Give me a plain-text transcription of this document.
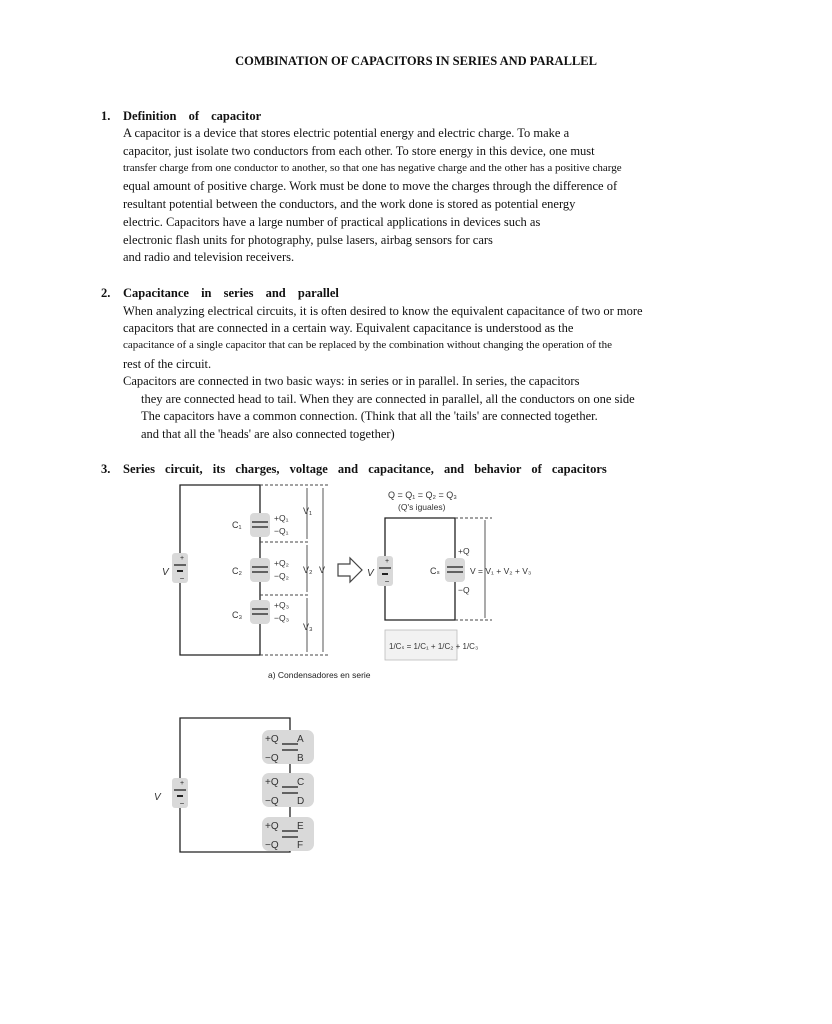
COMBINATION OF CAPACITORS IN SERIES AND PARALLEL
1. Definition of capacitor
A capacitor is a device that stores electric potential energy and electric charge. To make a
capacitor, just isolate two conductors from each other. To store energy in this device, one must
transfer charge from one conductor to another, so that one has negative charge and the other has a positive charge
equal amount of positive charge. Work must be done to move the charges through the difference of
resultant potential between the conductors, and the work done is stored as potential energy
electric. Capacitors have a large number of practical applications in devices such as
electronic flash units for photography, pulse lasers, airbag sensors for cars
and radio and television receivers.
2. Capacitance in series and parallel
When analyzing electrical circuits, it is often desired to know the equivalent capacitance of two or more
capacitors that are connected in a certain way. Equivalent capacitance is understood as the
capacitance of a single capacitor that can be replaced by the combination without changing the operation of the
rest of the circuit.
Capacitors are connected in two basic ways: in series or in parallel. In series, the capacitors
they are connected head to tail. When they are connected in parallel, all the conductors on one side
The capacitors have a common connection. (Think that all the 'tails' are connected together.
and that all the 'heads' are also connected together)
3. Series circuit, its charges, voltage and capacitance, and behavior of capacitors
+
−
V
C₁
+Q₁
−Q₁
C₂
+Q₂
−Q₂
C₃
+Q₃
−Q₃
V₁
V₂
V₃
V
Q = Q₁ = Q₂ = Q₃
(Q's iguales)
+
−
V	Cₛ
+Q
−Q
V = V₁ + V₂ + V₃
1/Cₛ = 1/C₁ + 1/C₂ + 1/C₃
a) Condensadores en serie
+
−
V
+Q
−Q
A
B
+Q
−Q
C
D
+Q
−Q
E
F
